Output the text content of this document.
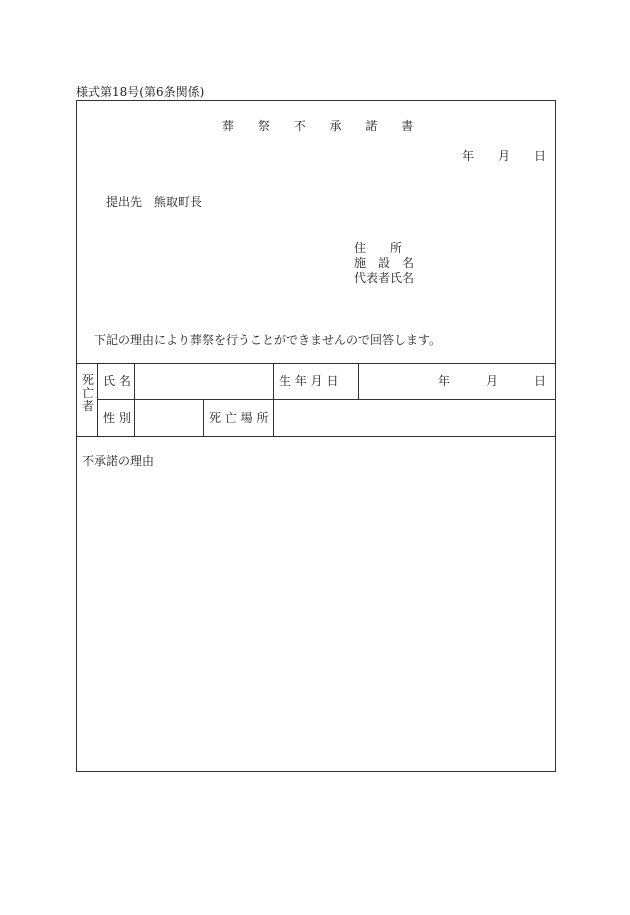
様式第18号(第6条関係)
葬 祭 不 承 諾 書
年 月 日
提出先　熊取町長
住　　所
施　設　名
代表者氏名
下記の理由により葬祭を行うことができませんので回答します。
死亡者
氏 名	生 年 月 日	年	月	日
性 別	死 亡 場 所
不承諾の理由
